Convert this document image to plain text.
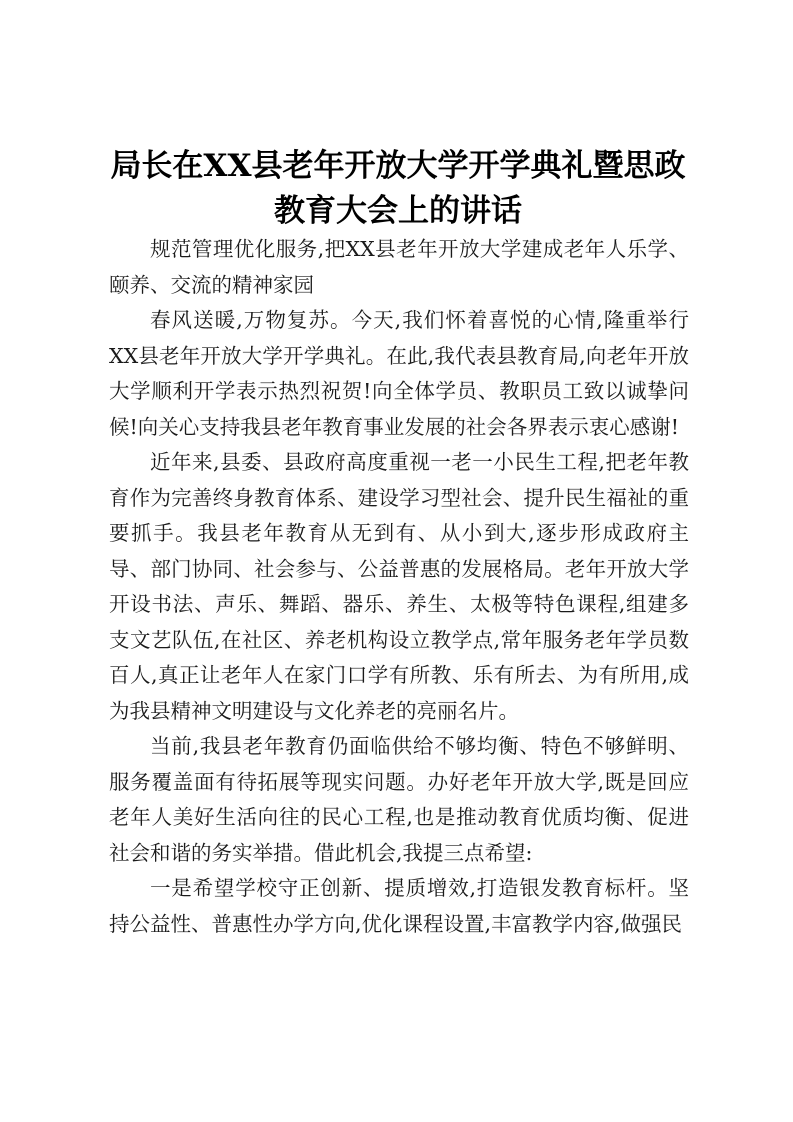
局长在XX县老年开放大学开学典礼暨思政教育大会上的讲话

规范管理优化服务,把XX县老年开放大学建成老年人乐学、颐养、交流的精神家园

春风送暖,万物复苏。今天,我们怀着喜悦的心情,隆重举行XX县老年开放大学开学典礼。在此,我代表县教育局,向老年开放大学顺利开学表示热烈祝贺!向全体学员、教职员工致以诚挚问候!向关心支持我县老年教育事业发展的社会各界表示衷心感谢!

近年来,县委、县政府高度重视一老一小民生工程,把老年教育作为完善终身教育体系、建设学习型社会、提升民生福祉的重要抓手。我县老年教育从无到有、从小到大,逐步形成政府主导、部门协同、社会参与、公益普惠的发展格局。老年开放大学开设书法、声乐、舞蹈、器乐、养生、太极等特色课程,组建多支文艺队伍,在社区、养老机构设立教学点,常年服务老年学员数百人,真正让老年人在家门口学有所教、乐有所去、为有所用,成为我县精神文明建设与文化养老的亮丽名片。

当前,我县老年教育仍面临供给不够均衡、特色不够鲜明、服务覆盖面有待拓展等现实问题。办好老年开放大学,既是回应老年人美好生活向往的民心工程,也是推动教育优质均衡、促进社会和谐的务实举措。借此机会,我提三点希望:

一是希望学校守正创新、提质增效,打造银发教育标杆。坚持公益性、普惠性办学方向,优化课程设置,丰富教学内容,做强民
